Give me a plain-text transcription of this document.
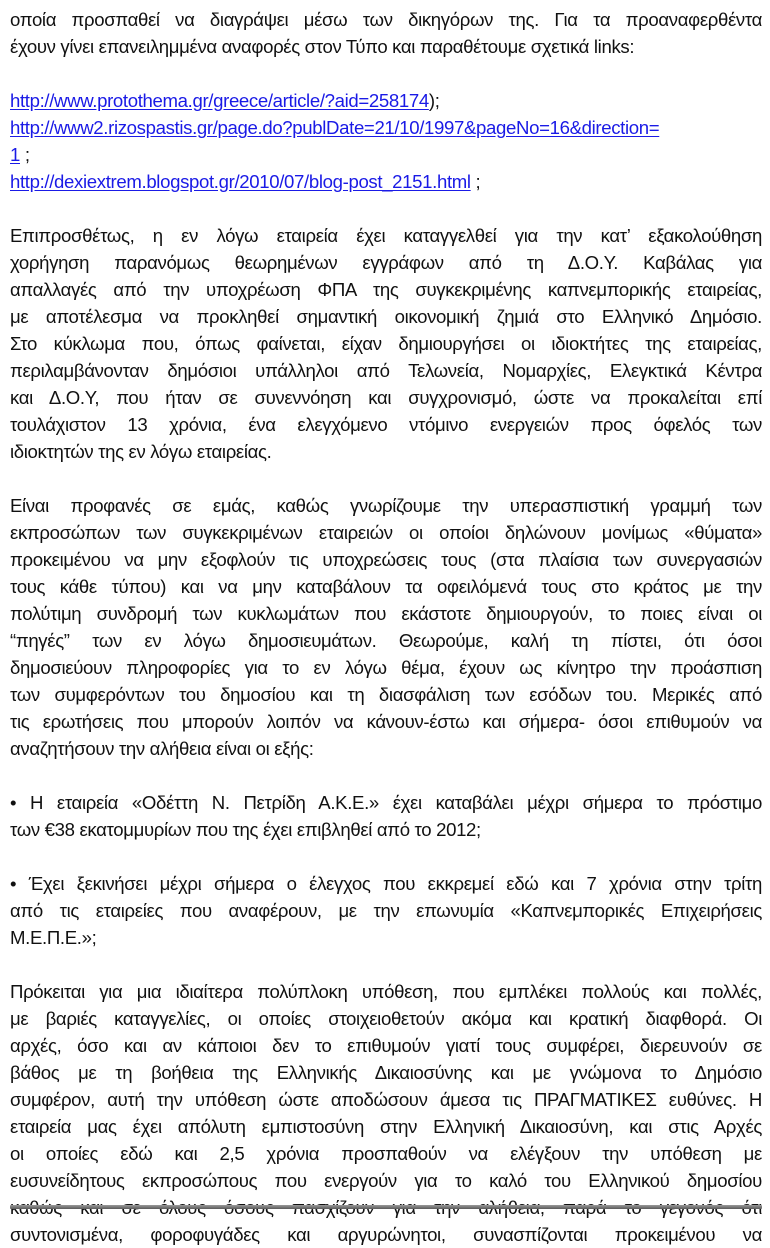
οποία προσπαθεί να διαγράψει μέσω των δικηγόρων της. Για τα προαναφερθέντα
έχουν γίνει επανειλημμένα αναφορές στον Τύπο και παραθέτουμε σχετικά links:
http://www.protothema.gr/greece/article/?aid=258174);
http://www2.rizospastis.gr/page.do?publDate=21/10/1997&pageNo=16&direction=
1 ;
http://dexiextrem.blogspot.gr/2010/07/blog-post_2151.html ;
Επιπροσθέτως, η εν λόγω εταιρεία έχει καταγγελθεί για την κατ’ εξακολούθηση
χορήγηση παρανόμως θεωρημένων εγγράφων από τη Δ.Ο.Υ. Καβάλας για
απαλλαγές από την υποχρέωση ΦΠΑ της συγκεκριμένης καπνεμπορικής εταιρείας,
με αποτέλεσμα να προκληθεί σημαντική οικονομική ζημιά στο Ελληνικό Δημόσιο.
Στο κύκλωμα που, όπως φαίνεται, είχαν δημιουργήσει οι ιδιοκτήτες της εταιρείας,
περιλαμβάνονταν δημόσιοι υπάλληλοι από Τελωνεία, Νομαρχίες, Ελεγκτικά Κέντρα
και Δ.Ο.Υ, που ήταν σε συνεννόηση και συγχρονισμό, ώστε να προκαλείται επί
τουλάχιστον 13 χρόνια, ένα ελεγχόμενο ντόμινο ενεργειών προς όφελός των
ιδιοκτητών της εν λόγω εταιρείας.
Είναι προφανές σε εμάς, καθώς γνωρίζουμε την υπερασπιστική γραμμή των
εκπροσώπων των συγκεκριμένων εταιρειών οι οποίοι δηλώνουν μονίμως «θύματα»
προκειμένου να μην εξοφλούν τις υποχρεώσεις τους (στα πλαίσια των συνεργασιών
τους κάθε τύπου) και να μην καταβάλουν τα οφειλόμενά τους στο κράτος με την
πολύτιμη συνδρομή των κυκλωμάτων που εκάστοτε δημιουργούν, το ποιες είναι οι
“πηγές” των εν λόγω δημοσιευμάτων. Θεωρούμε, καλή τη πίστει, ότι όσοι
δημοσιεύουν πληροφορίες για το εν λόγω θέμα, έχουν ως κίνητρο την προάσπιση
των συμφερόντων του δημοσίου και τη διασφάλιση των εσόδων του. Μερικές από
τις ερωτήσεις που μπορούν λοιπόν να κάνουν-έστω και σήμερα- όσοι επιθυμούν να
αναζητήσουν την αλήθεια είναι οι εξής:
• Η εταιρεία «Οδέττη Ν. Πετρίδη Α.Κ.Ε.» έχει καταβάλει μέχρι σήμερα το πρόστιμο
των €38 εκατομμυρίων που της έχει επιβληθεί από το 2012;
• Έχει ξεκινήσει μέχρι σήμερα ο έλεγχος που εκκρεμεί εδώ και 7 χρόνια στην τρίτη
από τις εταιρείες που αναφέρουν, με την επωνυμία «Καπνεμπορικές Επιχειρήσεις
Μ.Ε.Π.Ε.»;
Πρόκειται για μια ιδιαίτερα πολύπλοκη υπόθεση, που εμπλέκει πολλούς και πολλές,
με βαριές καταγγελίες, οι οποίες στοιχειοθετούν ακόμα και κρατική διαφθορά. Οι
αρχές, όσο και αν κάποιοι δεν το επιθυμούν γιατί τους συμφέρει, διερευνούν σε
βάθος με τη βοήθεια της Ελληνικής Δικαιοσύνης και με γνώμονα το Δημόσιο
συμφέρον, αυτή την υπόθεση ώστε αποδώσουν άμεσα τις ΠΡΑΓΜΑΤΙΚΕΣ ευθύνες. Η
εταιρεία μας έχει απόλυτη εμπιστοσύνη στην Ελληνική Δικαιοσύνη, και στις Αρχές
οι οποίες εδώ και 2,5 χρόνια προσπαθούν να ελέγξουν την υπόθεση με
ευσυνείδητους εκπροσώπους που ενεργούν για το καλό του Ελληνικού δημοσίου
συντονισμένα, φοροφυγάδες και αργυρώνητοι, συνασπίζονται προκειμένου να
